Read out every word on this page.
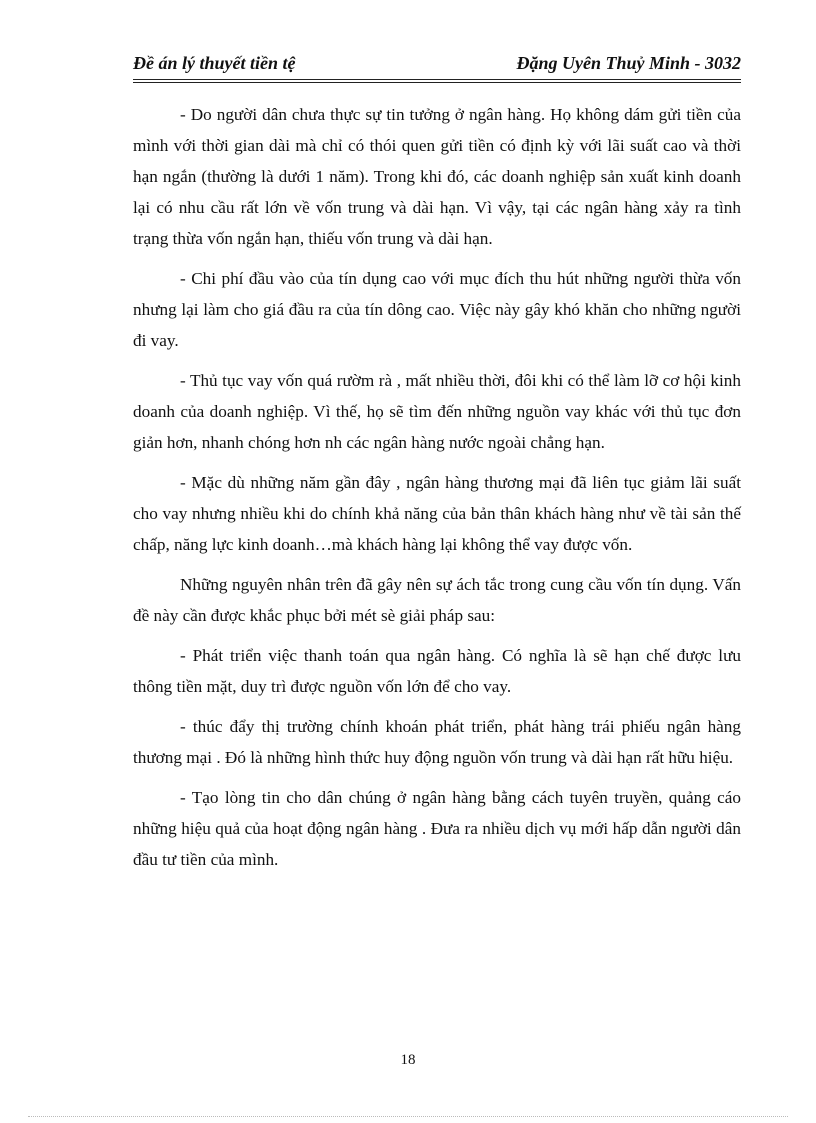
Đề án lý thuyết tiền tệ	Đặng Uyên Thuỷ Minh - 3032

- Do người dân chưa thực sự tin tưởng ở ngân hàng. Họ không dám gửi tiền của mình với thời gian dài mà chỉ có thói quen gửi tiền có định kỳ với lãi suất cao và thời hạn ngắn (thường là dưới 1 năm). Trong khi đó, các doanh nghiệp sản xuất kinh doanh lại có nhu cầu rất lớn về vốn trung và dài hạn. Vì vậy, tại các ngân hàng xảy ra tình trạng thừa vốn ngắn hạn, thiếu vốn trung và dài hạn.

- Chi phí đầu vào của tín dụng cao với mục đích thu hút những người thừa vốn nhưng lại làm cho giá đầu ra của tín dông cao. Việc này gây khó khăn cho những người đi vay.

- Thủ tục vay vốn quá rườm rà , mất nhiều thời, đôi khi có thể làm lỡ cơ hội kinh doanh của doanh nghiệp. Vì thế, họ sẽ tìm đến những nguồn vay khác với thủ tục đơn giản hơn, nhanh chóng hơn nh các ngân hàng nước ngoài chẳng hạn.

- Mặc dù những năm gần đây , ngân hàng thương mại đã liên tục giảm lãi suất cho vay nhưng nhiều khi do chính khả năng của bản thân khách hàng như về tài sản thế chấp, năng lực kinh doanh…mà khách hàng lại không thể vay được vốn.

Những nguyên nhân trên đã gây nên sự ách tắc trong cung cầu vốn tín dụng. Vấn đề này cần được khắc phục bởi mét sè giải pháp sau:

- Phát triển việc thanh toán qua ngân hàng. Có nghĩa là sẽ hạn chế được lưu thông tiền mặt, duy trì được nguồn vốn lớn để cho vay.

- thúc đẩy thị trường chính khoán phát triển, phát hàng trái phiếu ngân hàng thương mại . Đó là những hình thức huy động nguồn vốn trung và dài hạn rất hữu hiệu.

- Tạo lòng tin cho dân chúng ở ngân hàng bằng cách tuyên truyền, quảng cáo những hiệu quả của hoạt động ngân hàng . Đưa ra nhiều dịch vụ mới hấp dẫn người dân đầu tư tiền của mình.

18
